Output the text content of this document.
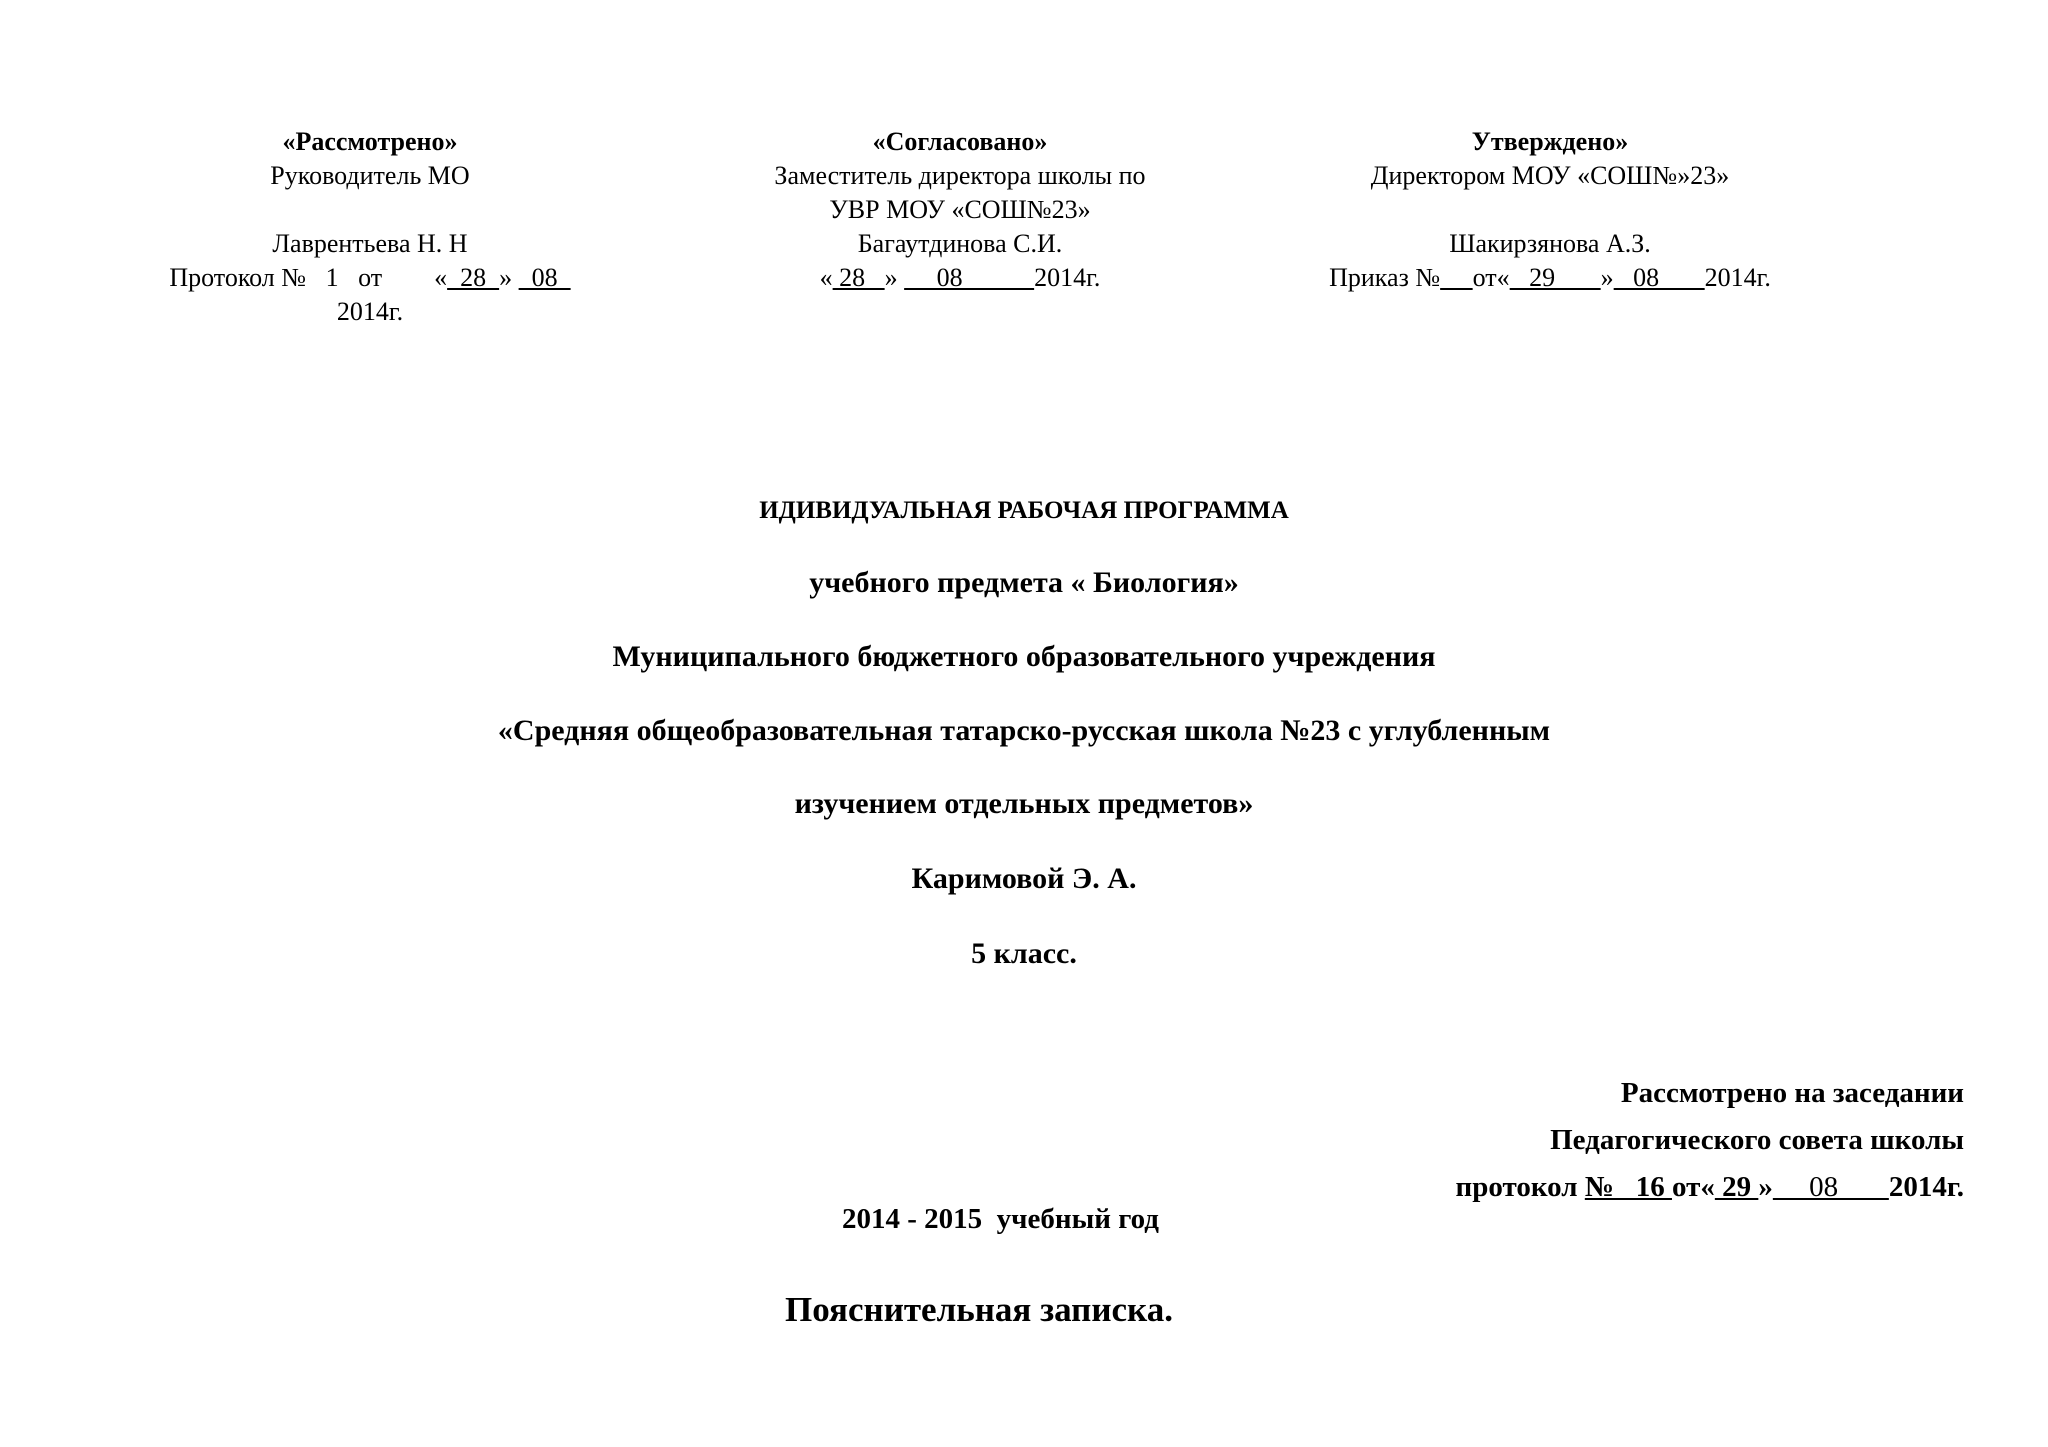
«Рассмотрено»
Руководитель МО

Лаврентьева Н. Н
Протокол №   1   от        «  28  »   08
2014г.
«Согласовано»
Заместитель директора школы по
УВР МОУ «СОШ№23»
Багаутдинова С.И.
« 28   »      08           2014г.
Утверждено»
Директором МОУ «СОШ№»23»

Шакирзянова А.З.
Приказ № от«   29       »   08       2014г.
ИДИВИДУАЛЬНАЯ РАБОЧАЯ ПРОГРАММА
учебного предмета « Биология»
Муниципального бюджетного образовательного учреждения
«Средняя общеобразовательная татарско-русская школа №23 с углубленным
изучением отдельных предметов»
Каримовой Э. А.
5 класс.
Рассмотрено на заседании
Педагогического совета школы
протокол №   16 от« 29 »     08       2014г.
2014 - 2015  учебный год
Пояснительная записка.
